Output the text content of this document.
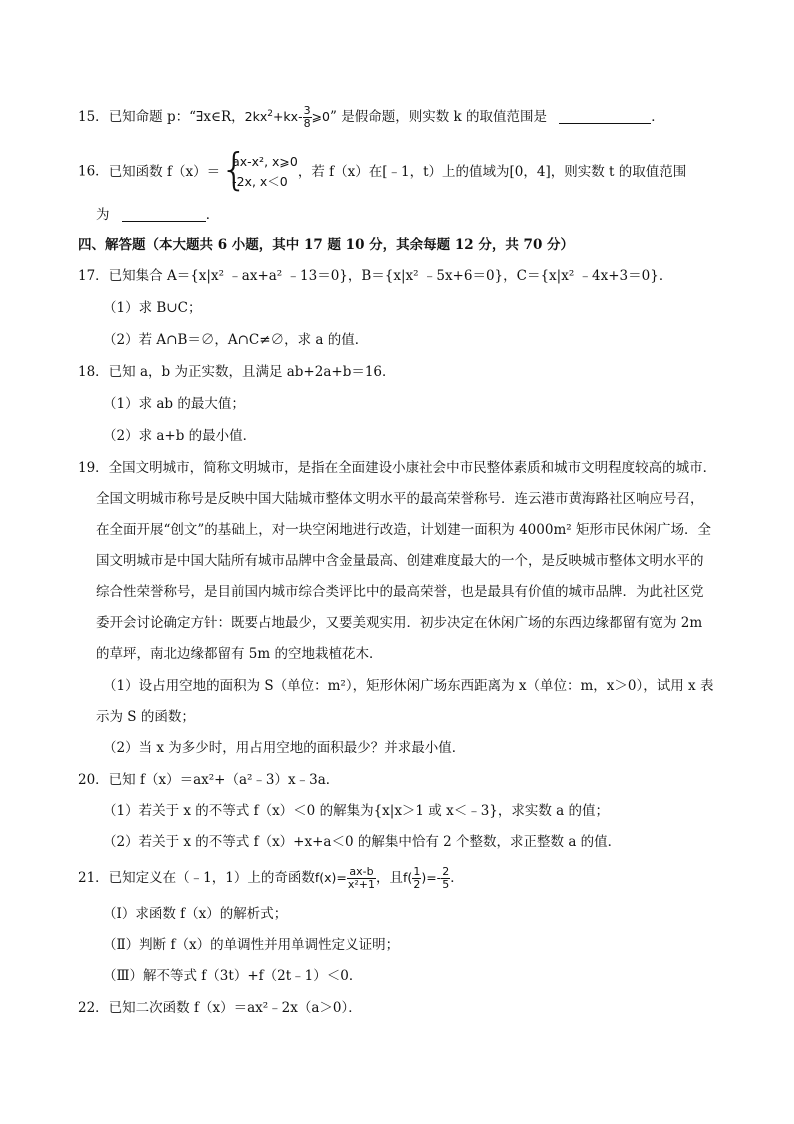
15．已知命题 p：“∃x∈R，$2kx^2+kx- \frac{3}{8}$ ⩾0” 是假命题，则实数 k 的取值范围是	．
16．已知函数 f（x）＝ {
ax-x², x⩾0
-2x, x＜0
，若 f（x）在[﹣1，t）上的值域为[0，4]，则实数 t 的取值范围
为	．
四、解答题（本大题共 6 小题，其中 17 题 10 分，其余每题 12 分，共 70 分）
17．已知集合 A＝{x|x² ﹣ax+a² ﹣13＝0}，B＝{x|x² ﹣5x+6＝0}，C＝{x|x² ﹣4x+3＝0}．
（1）求 B∪C；
（2）若 A∩B＝∅，A∩C≠∅，求 a 的值．
18．已知 a，b 为正实数，且满足 ab+2a+b＝16．
（1）求 ab 的最大值；
（2）求 a+b 的最小值．
19．全国文明城市，简称文明城市，是指在全面建设小康社会中市民整体素质和城市文明程度较高的城市．
全国文明城市称号是反映中国大陆城市整体文明水平的最高荣誉称号．连云港市黄海路社区响应号召，
在全面开展“创文”的基础上，对一块空闲地进行改造，计划建一面积为 4000m² 矩形市民休闲广场．全
国文明城市是中国大陆所有城市品牌中含金量最高、创建难度最大的一个，是反映城市整体文明水平的
综合性荣誉称号，是目前国内城市综合类评比中的最高荣誉，也是最具有价值的城市品牌．为此社区党
委开会讨论确定方针：既要占地最少，又要美观实用．初步决定在休闲广场的东西边缘都留有宽为 2m
的草坪，南北边缘都留有 5m 的空地栽植花木．
（1）设占用空地的面积为 S（单位：m²），矩形休闲广场东西距离为 x（单位：m，x＞0），试用 x 表
示为 S 的函数；
（2）当 x 为多少时，用占用空地的面积最少？并求最小值．
20．已知 f（x）＝ax²+（a²﹣3）x﹣3a．
（1）若关于 x 的不等式 f（x）＜0 的解集为{x|x＞1 或 x＜﹣3}，求实数 a 的值；
（2）若关于 x 的不等式 f（x）+x+a＜0 的解集中恰有 2 个整数，求正整数 a 的值．
21．已知定义在（﹣1，1）上的奇函数$f(x)= \frac{ax-b}{\text{x²+1}}$ ，且$f( \frac{1}{2}$ )=- $\frac{2}{5}$ ．
（Ⅰ）求函数 f（x）的解析式；
（Ⅱ）判断 f（x）的单调性并用单调性定义证明；
（Ⅲ）解不等式 f（3t）+f（2t﹣1）＜0．
22．已知二次函数 f（x）＝ax²﹣2x（a＞0）．
